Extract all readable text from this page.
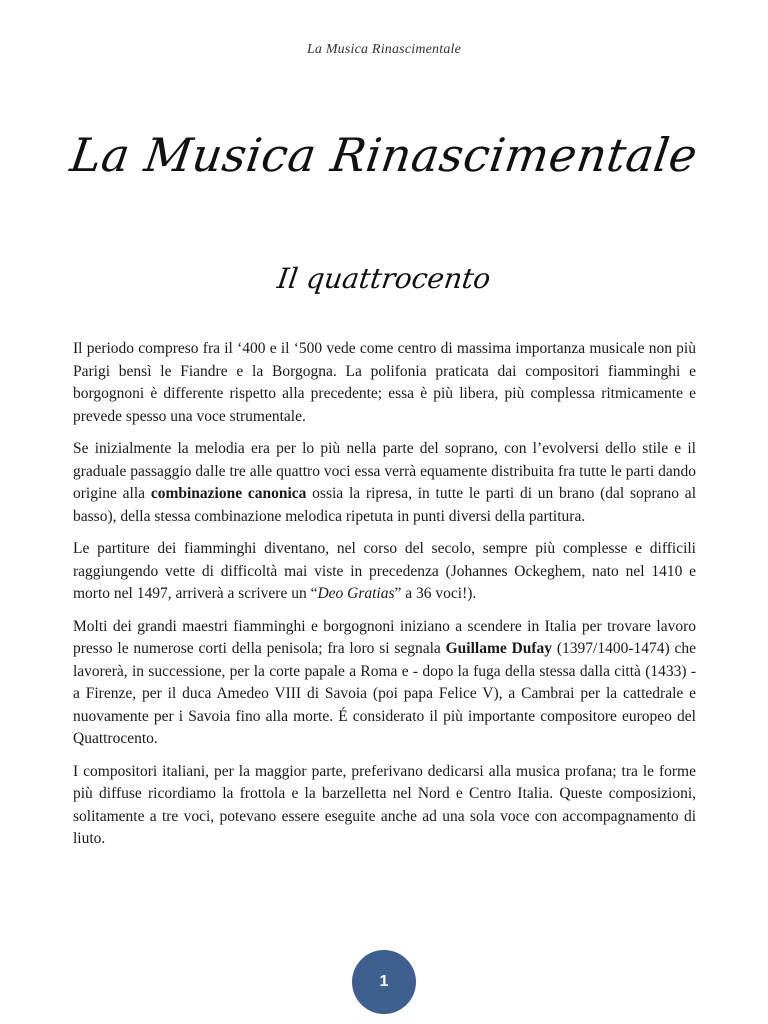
La Musica Rinascimentale
La Musica Rinascimentale
Il quattrocento

Il periodo compreso fra il ‘400 e il ‘500 vede come centro di massima importanza musicale non più Parigi bensì le Fiandre e la Borgogna. La polifonia praticata dai compositori fiamminghi e borgognoni è differente rispetto alla precedente; essa è più libera, più complessa ritmicamente e prevede spesso una voce strumentale.

Se inizialmente la melodia era per lo più nella parte del soprano, con l’evolversi dello stile e il graduale passaggio dalle tre alle quattro voci essa verrà equamente distribuita fra tutte le parti dando origine alla combinazione canonica ossia la ripresa, in tutte le parti di un brano (dal soprano al basso), della stessa combinazione melodica ripetuta in punti diversi della partitura.

Le partiture dei fiamminghi diventano, nel corso del secolo, sempre più complesse e difficili raggiungendo vette di difficoltà mai viste in precedenza (Johannes Ockeghem, nato nel 1410 e morto nel 1497, arriverà a scrivere un “Deo Gratias” a 36 voci!).

Molti dei grandi maestri fiamminghi e borgognoni iniziano a scendere in Italia per trovare lavoro presso le numerose corti della penisola; fra loro si segnala Guillame Dufay (1397/1400-1474) che lavorerà, in successione, per la corte papale a Roma e - dopo la fuga della stessa dalla città (1433) - a Firenze, per il duca Amedeo VIII di Savoia (poi papa Felice V), a Cambrai per la cattedrale e nuovamente per i Savoia fino alla morte. É considerato il più importante compositore europeo del Quattrocento.

I compositori italiani, per la maggior parte, preferivano dedicarsi alla musica profana; tra le forme più diffuse ricordiamo la frottola e la barzelletta nel Nord e Centro Italia. Queste composizioni, solitamente a tre voci, potevano essere eseguite anche ad una sola voce con accompagnamento di liuto.

1
